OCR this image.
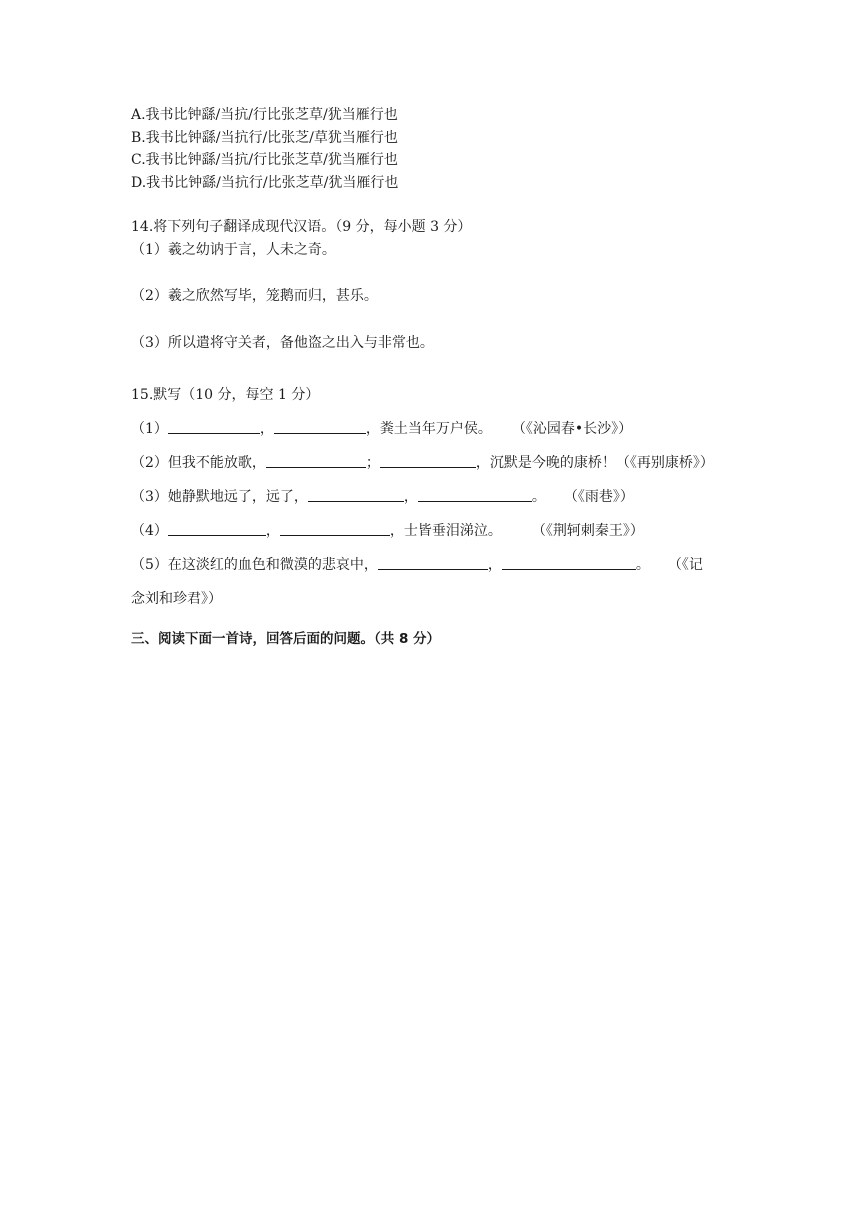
A.我书比钟繇/当抗/行比张芝草/犹当雁行也
B.我书比钟繇/当抗行/比张芝/草犹当雁行也
C.我书比钟繇/当抗/行比张芝草/犹当雁行也
D.我书比钟繇/当抗行/比张芝草/犹当雁行也
14.将下列句子翻译成现代汉语。（9 分，每小题 3 分）
（1）羲之幼讷于言，人未之奇。
（2）羲之欣然写毕，笼鹅而归，甚乐。
（3）所以遣将守关者，备他盗之出入与非常也。
15.默写（10 分，每空 1 分）
（1）	，	，粪土当年万户侯。 （《沁园春•长沙》）
（2）但我不能放歌，	；	，沉默是今晚的康桥！（《再别康桥》）
（3）她静默地远了，远了，	，	。 （《雨巷》）
（4）	，	，士皆垂泪涕泣。 （《荆轲刺秦王》）
（5）在这淡红的血色和微漠的悲哀中，	，	。 （《记
念刘和珍君》）
三、阅读下面一首诗，回答后面的问题。（共 8 分）
